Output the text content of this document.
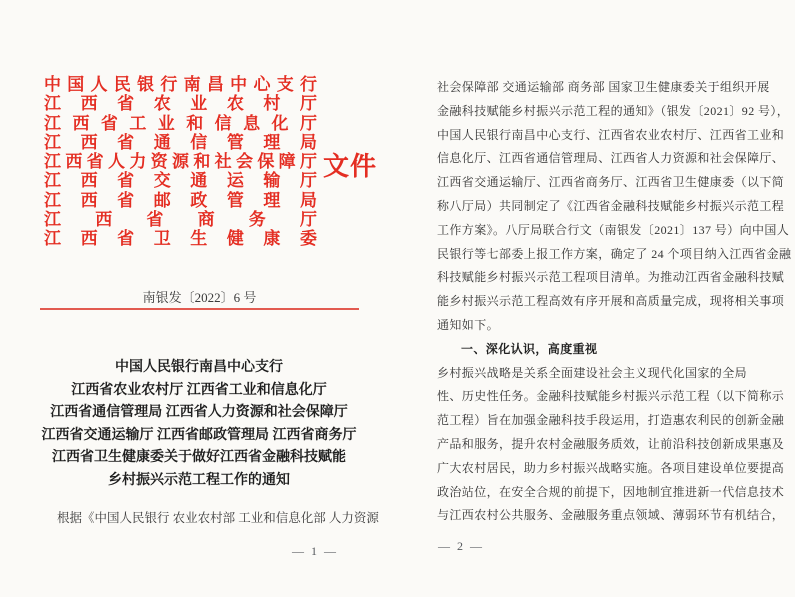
中国人民银行南昌中心支行
江西省农业农村厅
江西省工业和信息化厅
江西省通信管理局
江西省人力资源和社会保障厅
江西省交通运输厅
江西省邮政管理局
江西省商务厅
江西省卫生健康委
文件
南银发〔2022〕6 号
中国人民银行南昌中心支行
江西省农业农村厅 江西省工业和信息化厅
江西省通信管理局 江西省人力资源和社会保障厅
江西省交通运输厅 江西省邮政管理局 江西省商务厅
江西省卫生健康委关于做好江西省金融科技赋能
乡村振兴示范工程工作的通知
根据《中国人民银行 农业农村部 工业和信息化部 人力资源
— 1 —
社会保障部 交通运输部 商务部 国家卫生健康委关于组织开展
金融科技赋能乡村振兴示范工程的通知》（银发〔2021〕92 号），
中国人民银行南昌中心支行、江西省农业农村厅、江西省工业和
信息化厅、江西省通信管理局、江西省人力资源和社会保障厅、
江西省交通运输厅、江西省商务厅、江西省卫生健康委（以下简
称八厅局）共同制定了《江西省金融科技赋能乡村振兴示范工程
工作方案》。八厅局联合行文（南银发〔2021〕137 号）向中国人
民银行等七部委上报工作方案，确定了 24 个项目纳入江西省金融
科技赋能乡村振兴示范工程项目清单。为推动江西省金融科技赋
能乡村振兴示范工程高效有序开展和高质量完成，现将相关事项
通知如下。
一、深化认识，高度重视
乡村振兴战略是关系全面建设社会主义现代化国家的全局
性、历史性任务。金融科技赋能乡村振兴示范工程（以下简称示
范工程）旨在加强金融科技手段运用，打造惠农利民的创新金融
产品和服务，提升农村金融服务质效，让前沿科技创新成果惠及
广大农村居民，助力乡村振兴战略实施。各项目建设单位要提高
政治站位，在安全合规的前提下，因地制宜推进新一代信息技术
与江西农村公共服务、金融服务重点领域、薄弱环节有机结合，
— 2 —
